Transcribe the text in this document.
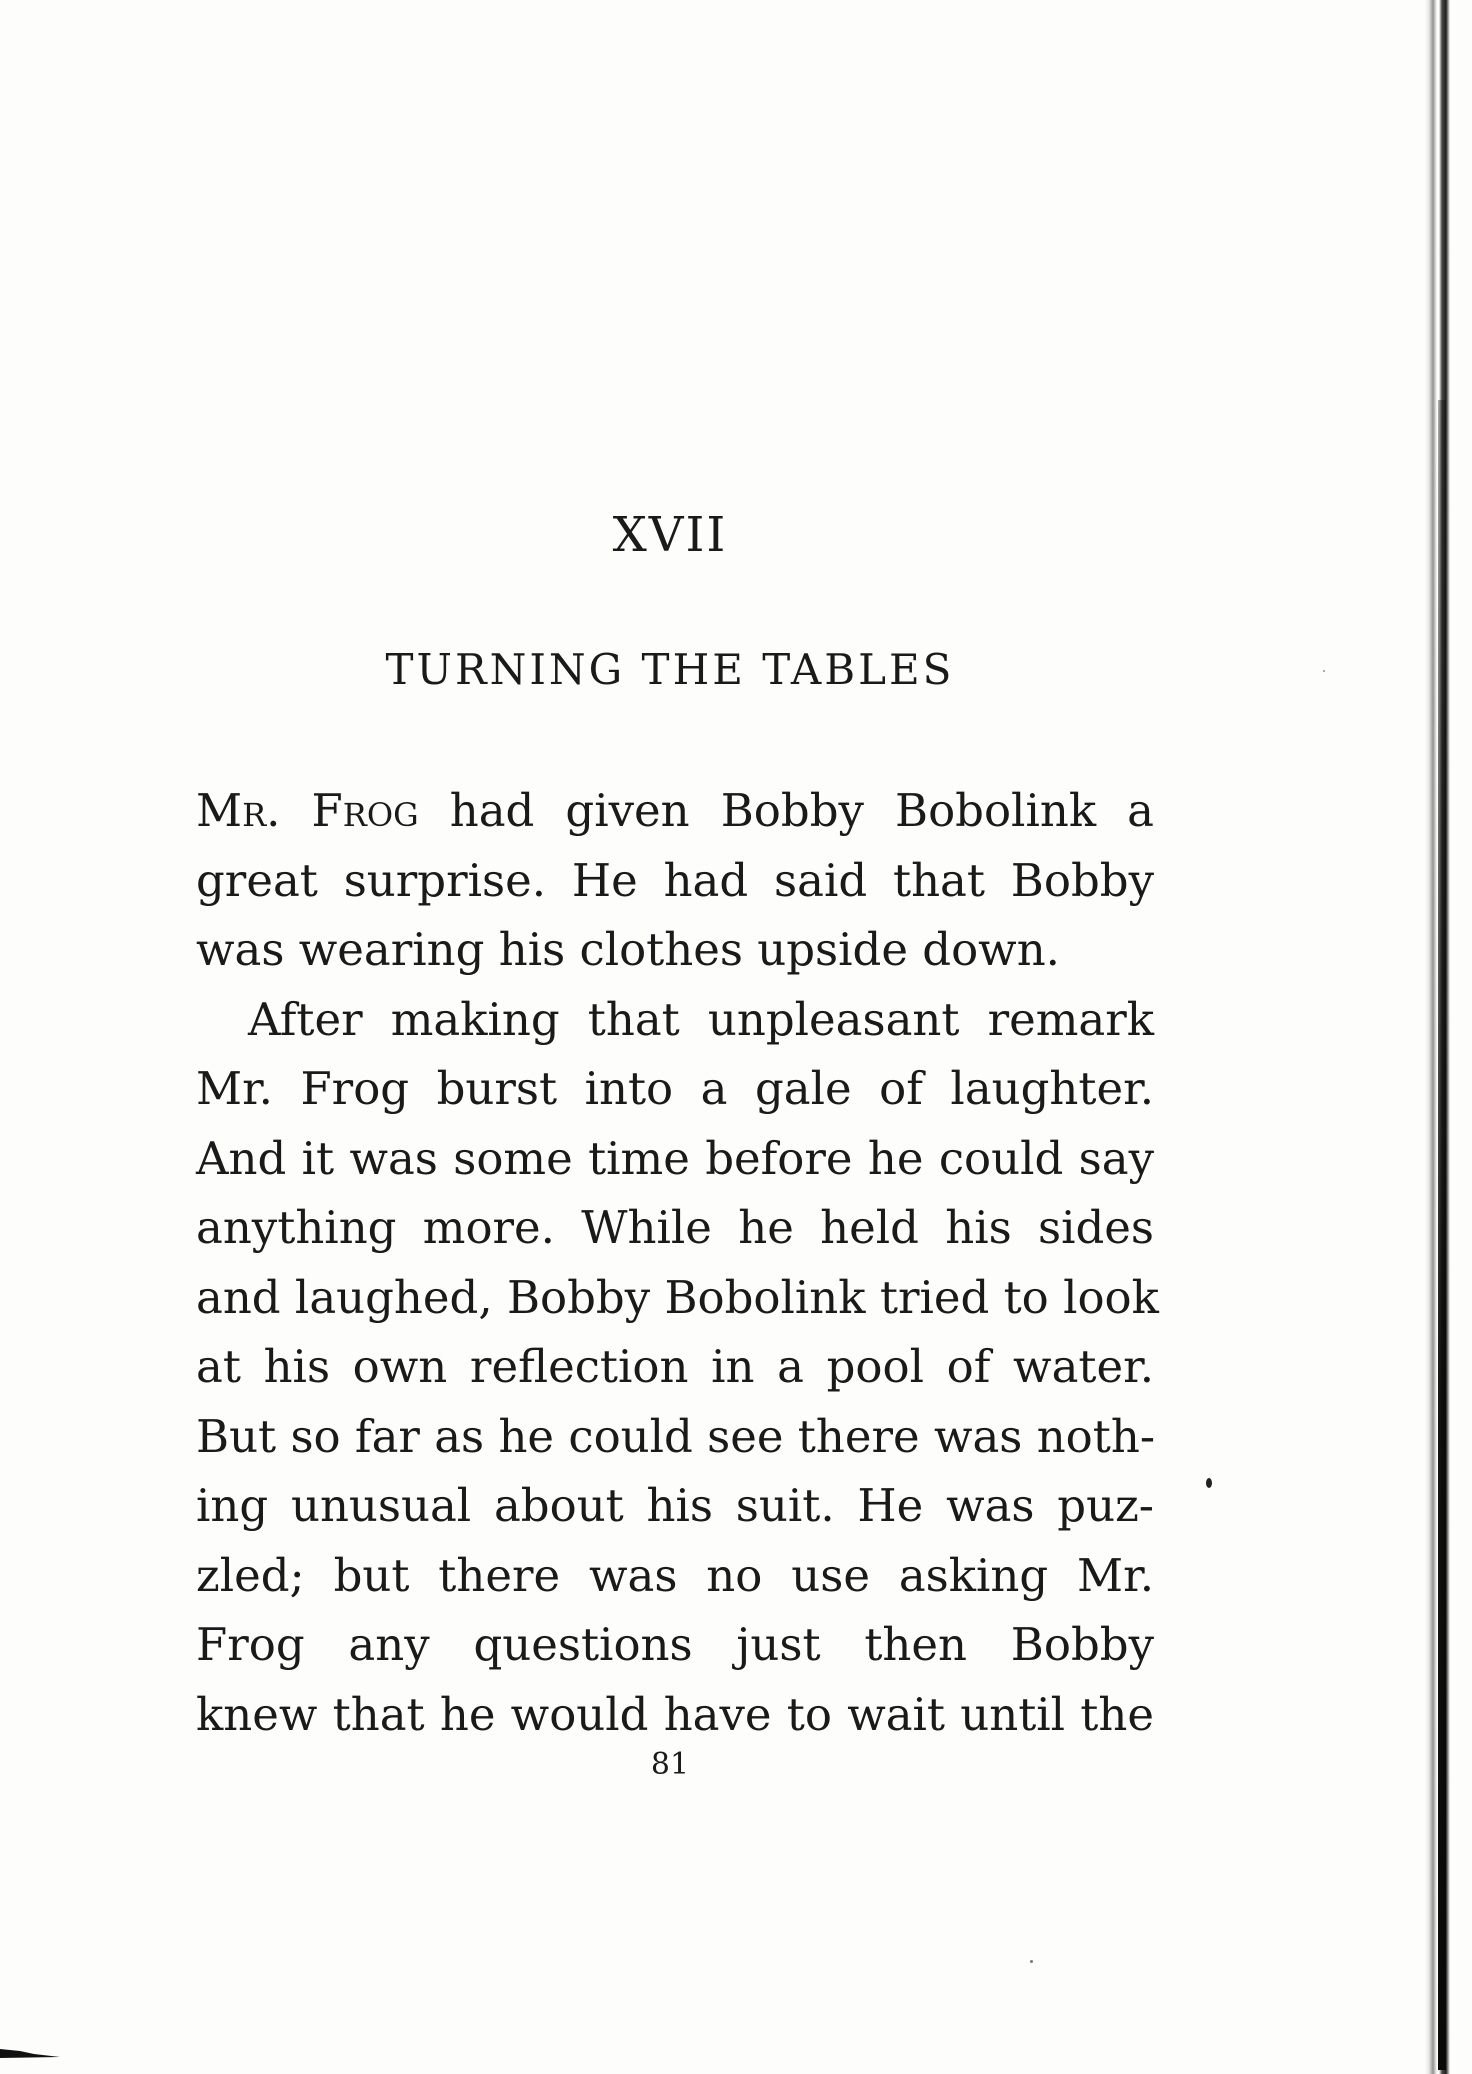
XVII
TURNING THE TABLES
Mr. Frog had given Bobby Bobolink a
great surprise. He had said that Bobby
was wearing his clothes upside down.
After making that unpleasant remark
Mr. Frog burst into a gale of laughter.
And it was some time before he could say
anything more. While he held his sides
and laughed, Bobby Bobolink tried to look
at his own reflection in a pool of water.
But so far as he could see there was noth-
ing unusual about his suit. He was puz-
zled; but there was no use asking Mr.
Frog any questions just then Bobby
knew that he would have to wait until the
81
